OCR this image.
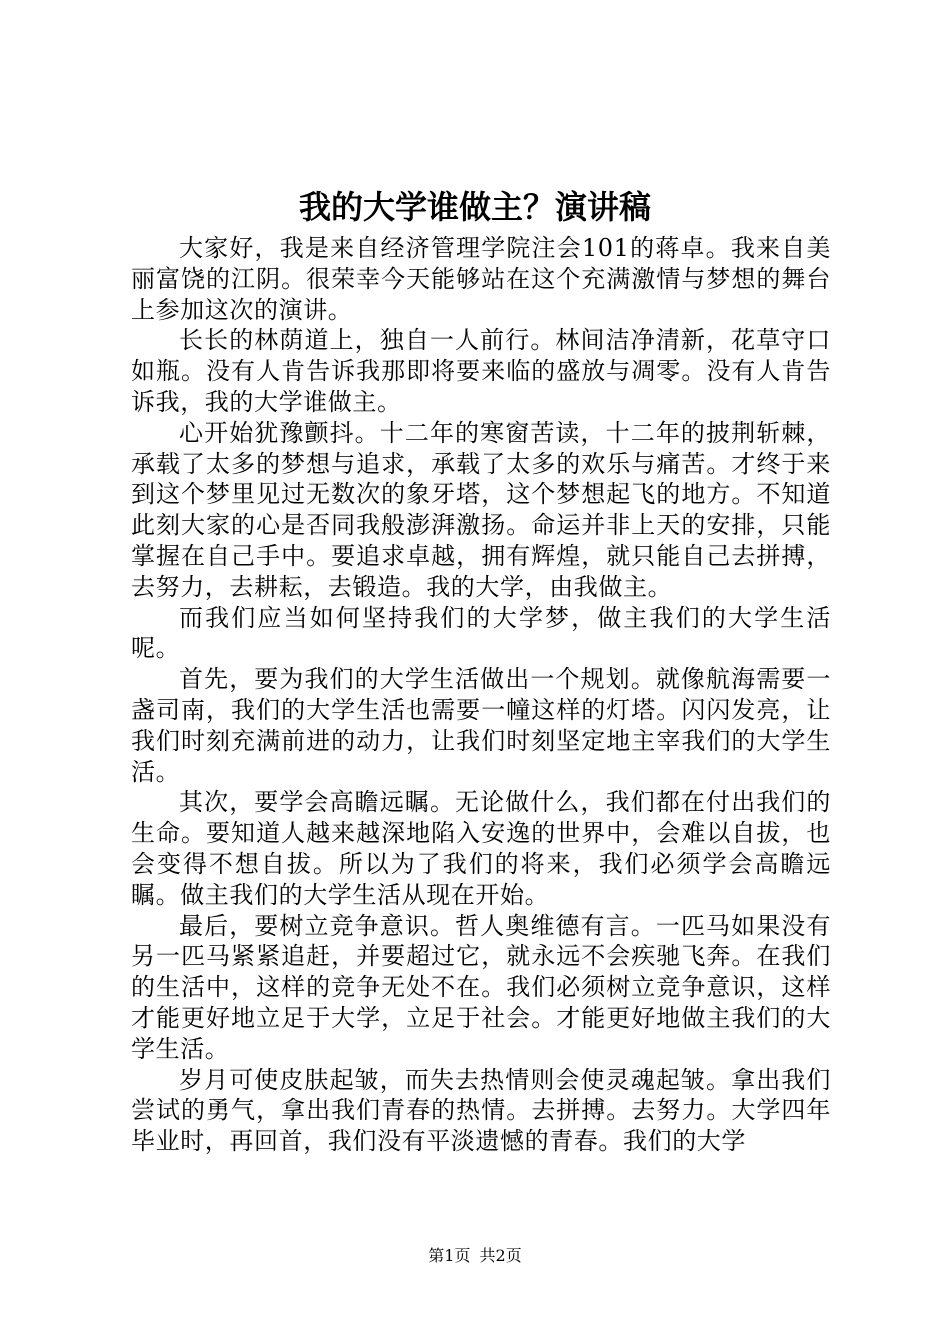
我的大学谁做主？演讲稿

大家好，我是来自经济管理学院注会101的蒋卓。我来自美丽富饶的江阴。很荣幸今天能够站在这个充满激情与梦想的舞台上参加这次的演讲。

长长的林荫道上，独自一人前行。林间洁净清新，花草守口如瓶。没有人肯告诉我那即将要来临的盛放与凋零。没有人肯告诉我，我的大学谁做主。

心开始犹豫颤抖。十二年的寒窗苦读，十二年的披荆斩棘，承载了太多的梦想与追求，承载了太多的欢乐与痛苦。才终于来到这个梦里见过无数次的象牙塔，这个梦想起飞的地方。不知道此刻大家的心是否同我般澎湃激扬。命运并非上天的安排，只能掌握在自己手中。要追求卓越，拥有辉煌，就只能自己去拼搏，去努力，去耕耘，去锻造。我的大学，由我做主。

而我们应当如何坚持我们的大学梦，做主我们的大学生活呢。

首先，要为我们的大学生活做出一个规划。就像航海需要一盏司南，我们的大学生活也需要一幢这样的灯塔。闪闪发亮，让我们时刻充满前进的动力，让我们时刻坚定地主宰我们的大学生活。

其次，要学会高瞻远瞩。无论做什么，我们都在付出我们的生命。要知道人越来越深地陷入安逸的世界中，会难以自拔，也会变得不想自拔。所以为了我们的将来，我们必须学会高瞻远瞩。做主我们的大学生活从现在开始。

最后，要树立竞争意识。哲人奥维德有言。一匹马如果没有另一匹马紧紧追赶，并要超过它，就永远不会疾驰飞奔。在我们的生活中，这样的竞争无处不在。我们必须树立竞争意识，这样才能更好地立足于大学，立足于社会。才能更好地做主我们的大学生活。

岁月可使皮肤起皱，而失去热情则会使灵魂起皱。拿出我们尝试的勇气，拿出我们青春的热情。去拼搏。去努力。大学四年毕业时，再回首，我们没有平淡遗憾的青春。我们的大学

第1页 共2页
